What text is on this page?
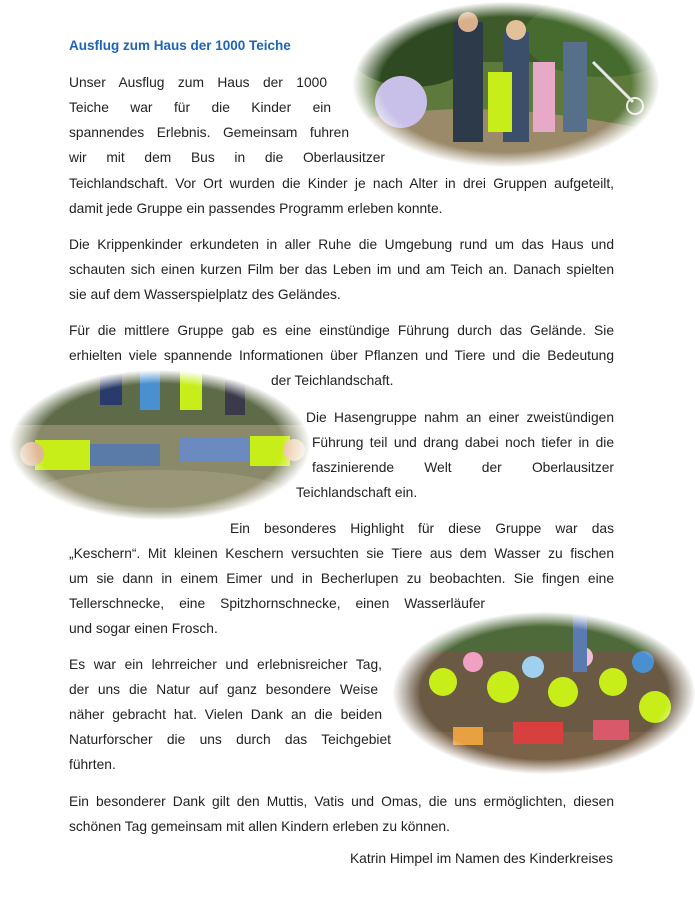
Ausflug zum Haus der 1000 Teiche

Unser Ausflug zum Haus der 1000

Teiche war für die Kinder ein

spannendes Erlebnis. Gemeinsam fuhren

wir mit dem Bus in die Oberlausitzer

Teichlandschaft. Vor Ort wurden die Kinder je nach Alter in drei Gruppen aufgeteilt,

damit jede Gruppe ein passendes Programm erleben konnte.

Die Krippenkinder erkundeten in aller Ruhe die Umgebung rund um das Haus und

schauten sich einen kurzen Film ber das Leben im und am Teich an. Danach spielten

sie auf dem Wasserspielplatz des Geländes.

Für die mittlere Gruppe gab es eine einstündige Führung durch das Gelände. Sie

erhielten viele spannende Informationen über Pflanzen und Tiere und die Bedeutung

der Teichlandschaft.

Die Hasengruppe nahm an einer zweistündigen

Führung teil und drang dabei noch tiefer in die

faszinierende Welt der Oberlausitzer

Teichlandschaft ein.

Ein besonderes Highlight für diese Gruppe war das

„Keschern“. Mit kleinen Keschern versuchten sie Tiere aus dem Wasser zu fischen

um sie dann in einem Eimer und in Becherlupen zu beobachten. Sie fingen eine

Tellerschnecke, eine Spitzhornschnecke, einen Wasserläufer

und sogar einen Frosch.

Es war ein lehrreicher und erlebnisreicher Tag,

der uns die Natur auf ganz besondere Weise

näher gebracht hat. Vielen Dank an die beiden

Naturforscher die uns durch das Teichgebiet

führten.

Ein besonderer Dank gilt den Muttis, Vatis und Omas, die uns ermöglichten, diesen

schönen Tag gemeinsam mit allen Kindern erleben zu können.

Katrin Himpel im Namen des Kinderkreises
